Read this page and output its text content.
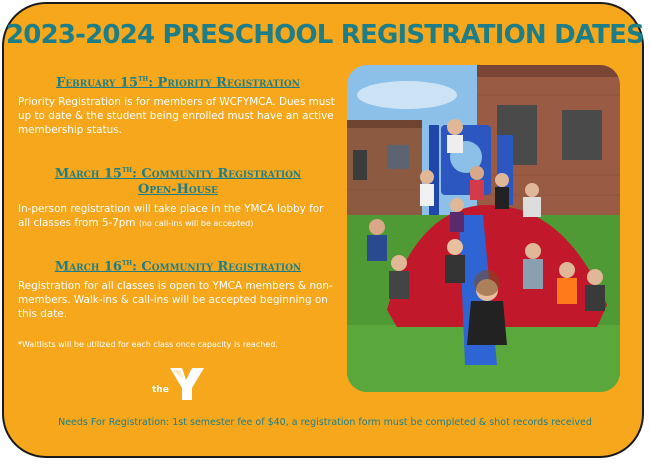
2023-2024 PRESCHOOL REGISTRATION DATES
February 15th: Priority Registration
Priority Registration is for members of WCFYMCA. Dues must up to date & the student being enrolled must have an active membership status.
March 15th: Community Registration
Open-House
In-person registration will take place in the YMCA lobby for all classes from 5-7pm (no call-ins will be accepted)
March 16th: Community Registration
Registration for all classes is open to YMCA members & non-members. Walk-ins & call-ins will be accepted beginning on this date.
*Waitlists will be utilized for each class once capacity is reached.
the
Needs For Registration: 1st semester fee of $40, a registration form must be completed & shot records received
